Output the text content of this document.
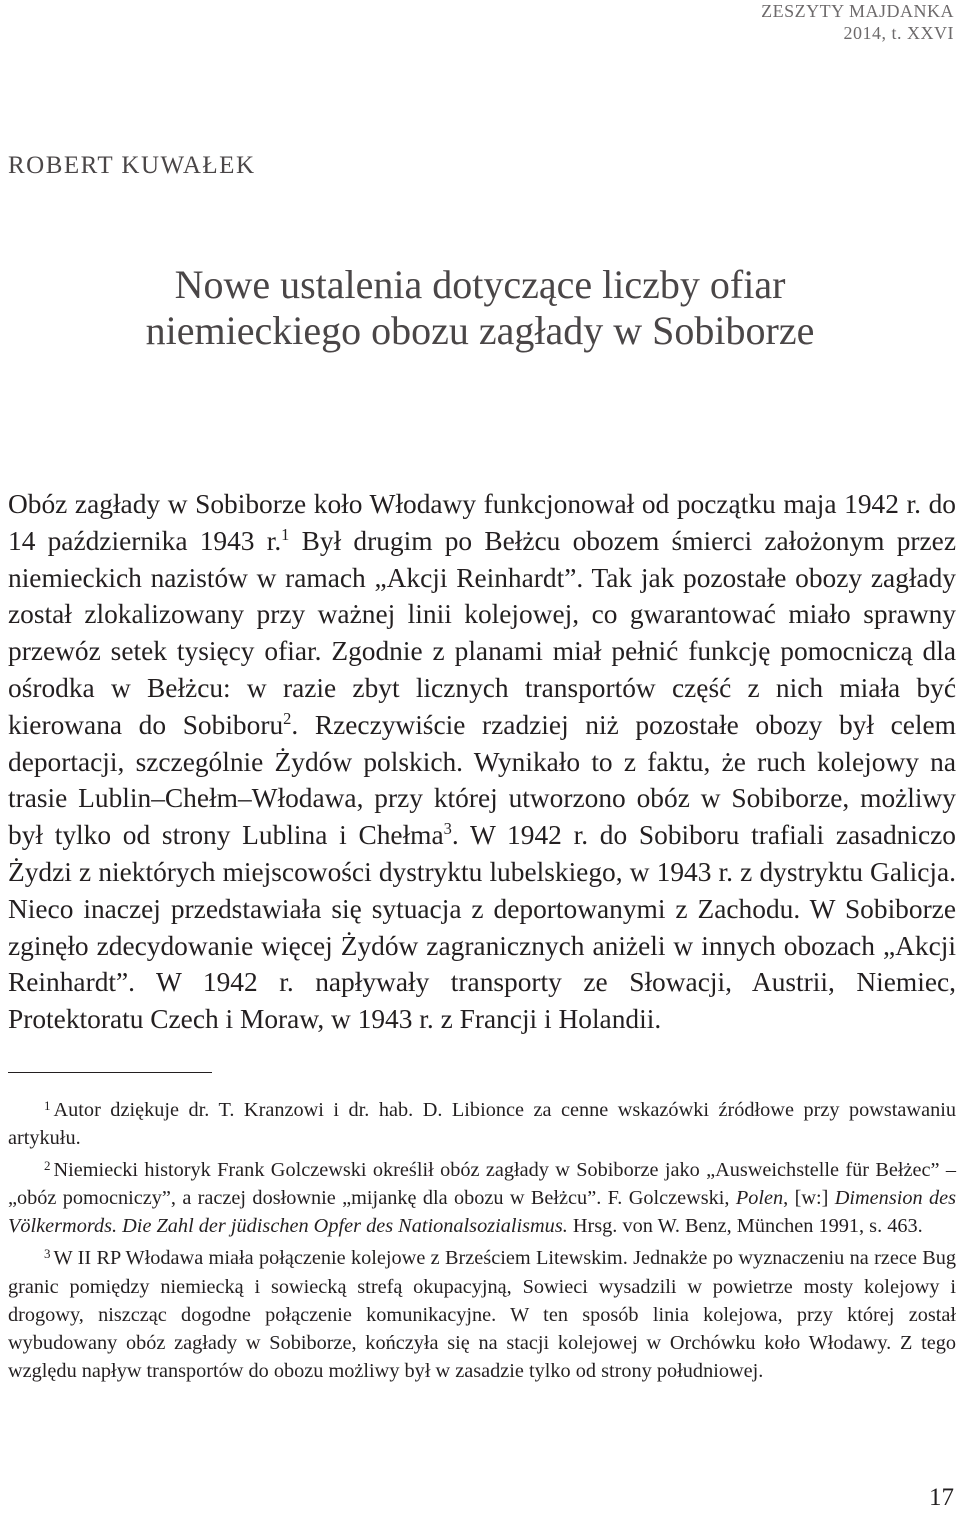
ZESZYTY MAJDANKA
2014, t. XXVI
ROBERT KUWAŁEK
Nowe ustalenia dotyczące liczby ofiar
niemieckiego obozu zagłady w Sobiborze
Obóz zagłady w Sobiborze koło Włodawy funkcjonował od początku maja 1942 r. do 14 października 1943 r.$^1$ Był drugim po Bełżcu obozem śmierci założonym przez niemieckich nazistów w ramach „Akcji Reinhardt”. Tak jak pozostałe obozy zagłady został zlokalizowany przy ważnej linii kolejowej, co gwarantować miało sprawny przewóz setek tysięcy ofiar. Zgodnie z planami miał pełnić funkcję pomocniczą dla ośrodka w Bełżcu: w razie zbyt licznych transportów część z nich miała być kierowana do Sobiboru$^2$. Rzeczywiście rzadziej niż pozostałe obozy był celem deportacji, szczególnie Żydów polskich. Wynikało to z faktu, że ruch kolejowy na trasie Lublin–Chełm–Włodawa, przy której utworzono obóz w Sobiborze, możliwy był tylko od strony Lublina i Chełma$^3$. W 1942 r. do Sobiboru trafiali zasadniczo Żydzi z niektórych miejscowości dystryktu lubelskiego, w 1943 r. z dystryktu Galicja. Nieco inaczej przedstawiała się sytuacja z deportowanymi z Zachodu. W Sobiborze zginęło zdecydowanie więcej Żydów zagranicznych aniżeli w innych obozach „Akcji Reinhardt”. W 1942 r. napływały transporty ze Słowacji, Austrii, Niemiec, Protektoratu Czech i Moraw, w 1943 r. z Francji i Holandii.

$^1$ Autor dziękuje dr. T. Kranzowi i dr. hab. D. Libionce za cenne wskazówki źródłowe przy powstawaniu artykułu.

$^2$ Niemiecki historyk Frank Golczewski określił obóz zagłady w Sobiborze jako „Ausweichstelle für Bełżec” – „obóz pomocniczy”, a raczej dosłownie „mijankę dla obozu w Bełżcu”. F. Golczewski, Polen, [w:] Dimension des Völkermords. Die Zahl der jüdischen Opfer des Nationalsozialismus. Hrsg. von W. Benz, München 1991, s. 463.

$^3$ W II RP Włodawa miała połączenie kolejowe z Brześciem Litewskim. Jednakże po wyznaczeniu na rzece Bug granic pomiędzy niemiecką i sowiecką strefą okupacyjną, Sowieci wysadzili w powietrze mosty kolejowy i drogowy, niszcząc dogodne połączenie komunikacyjne. W ten sposób linia kolejowa, przy której został wybudowany obóz zagłady w Sobiborze, kończyła się na stacji kolejowej w Orchówku koło Włodawy. Z tego względu napływ transportów do obozu możliwy był w zasadzie tylko od strony południowej.

17
